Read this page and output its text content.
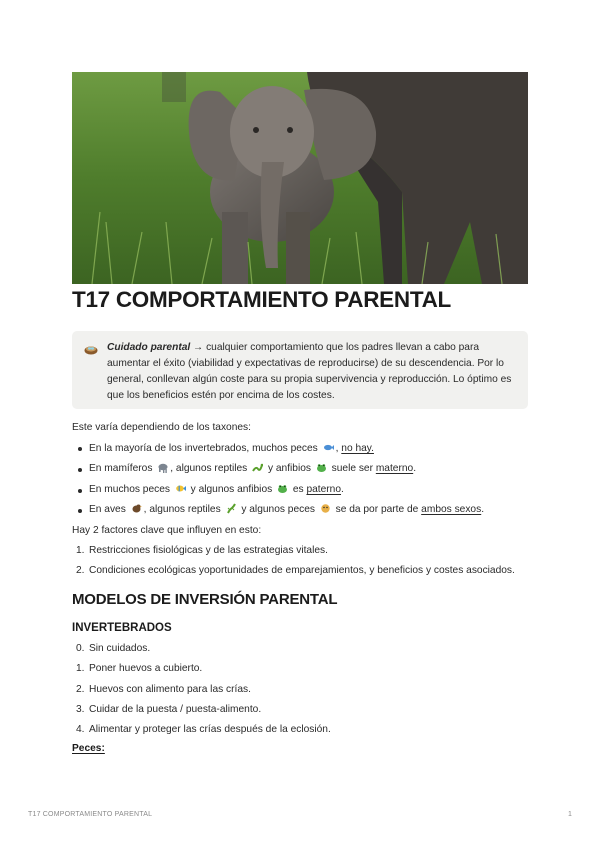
T17 COMPORTAMIENTO PARENTAL
Cuidado parental → cualquier comportamiento que los padres llevan a cabo para aumentar el éxito (viabilidad y expectativas de reproducirse) de su descendencia. Por lo general, conllevan algún coste para su propia supervivencia y reproducción. Lo óptimo es que los beneficios estén por encima de los costes.
Este varía dependiendo de los taxones:
En la mayoría de los invertebrados, muchos peces , no hay.
En mamíferos , algunos reptiles  y anfibios  suele ser materno.
En muchos peces  y algunos anfibios  es paterno.
En aves , algunos reptiles  y algunos peces  se da por parte de ambos sexos.
Hay 2 factores clave que influyen en esto:
1. Restricciones fisiológicas y de las estrategias vitales.
2. Condiciones ecológicas yoportunidades de emparejamientos, y beneficios y costes asociados.
MODELOS DE INVERSIÓN PARENTAL
INVERTEBRADOS
0. Sin cuidados.
1. Poner huevos a cubierto.
2. Huevos con alimento para las crías.
3. Cuidar de la puesta / puesta-alimento.
4. Alimentar y proteger las crías después de la eclosión.
Peces:
T17 COMPORTAMIENTO PARENTAL	1
